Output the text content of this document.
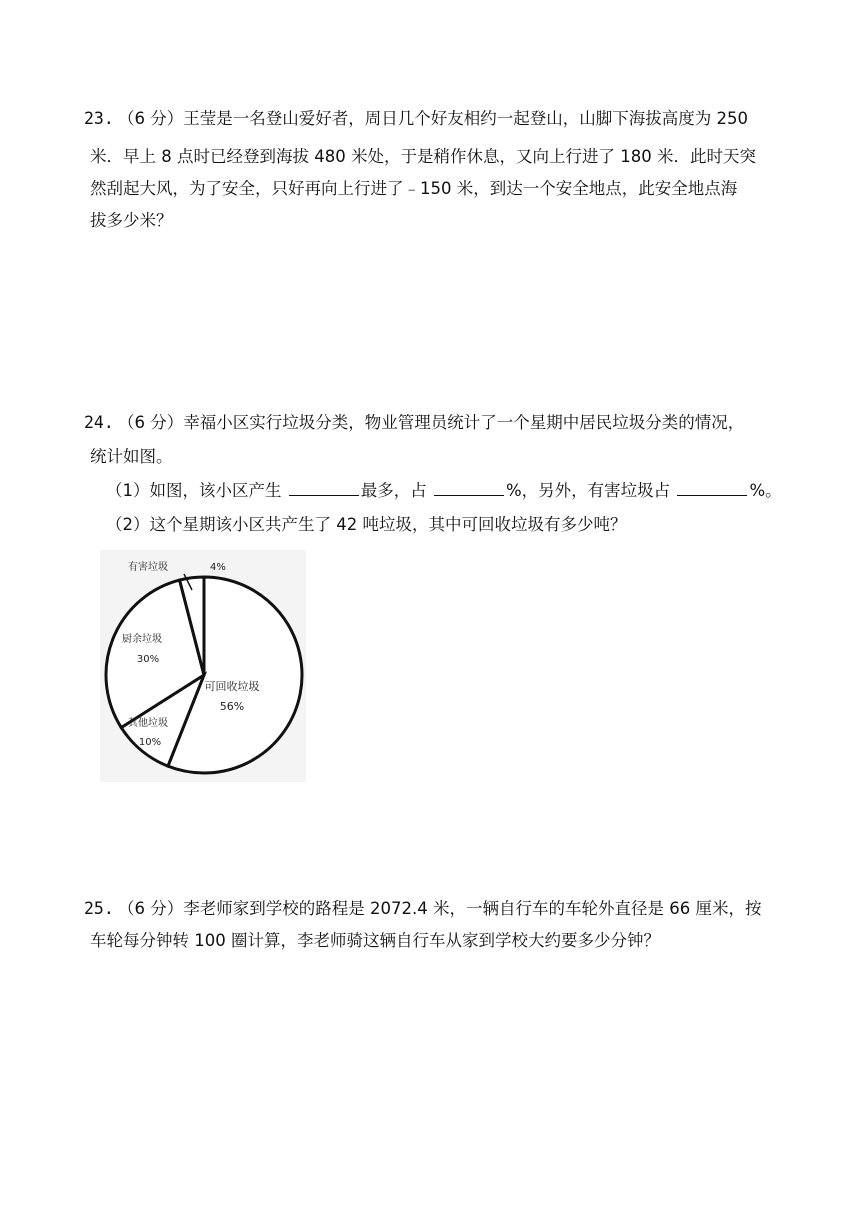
23. （6 分）王莹是一名登山爱好者，周日几个好友相约一起登山，山脚下海拔高度为 250
米．早上 8 点时已经登到海拔 480 米处，于是稍作休息，又向上行进了 180 米．此时天突
然刮起大风，为了安全，只好再向上行进了﹣150 米，到达一个安全地点，此安全地点海
拔多少米？
24. （6 分）幸福小区实行垃圾分类，物业管理员统计了一个星期中居民垃圾分类的情况，
统计如图。
（1）如图，该小区产生	最多，占	%，另外，有害垃圾占	%。
（2）这个星期该小区共产生了 42 吨垃圾，其中可回收垃圾有多少吨？
可回收垃圾
56%
其他垃圾
10%
厨余垃圾
30%
有害垃圾	4%
25. （6 分）李老师家到学校的路程是 2072.4 米，一辆自行车的车轮外直径是 66 厘米，按
车轮每分钟转 100 圈计算，李老师骑这辆自行车从家到学校大约要多少分钟？
